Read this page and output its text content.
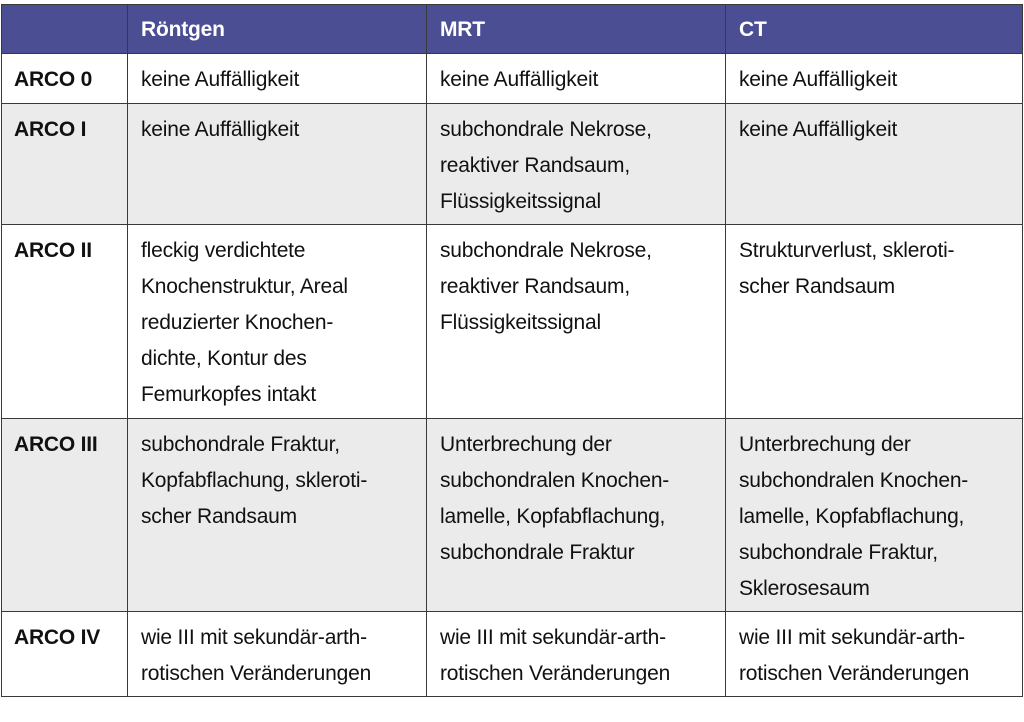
	Röntgen	MRT	CT
ARCO 0	keine Auffälligkeit	keine Auffälligkeit	keine Auffälligkeit

ARCO I	keine Auffälligkeit	subchondrale Nekrose,
reaktiver Randsaum,
Flüssigkeitssignal	keine Auffälligkeit

ARCO II	fleckig verdichtete
Knochenstruktur, Areal
reduzierter Knochen-
dichte, Kontur des
Femurkopfes intakt	subchondrale Nekrose,
reaktiver Randsaum,
Flüssigkeitssignal	Strukturverlust, skleroti-
scher Randsaum

ARCO III	subchondrale Fraktur,
Kopfabflachung, skleroti-
scher Randsaum	Unterbrechung der
subchondralen Knochen-
lamelle, Kopfabflachung,
subchondrale Fraktur	Unterbrechung der
subchondralen Knochen-
lamelle, Kopfabflachung,
subchondrale Fraktur,
Sklerosesaum

ARCO IV	wie III mit sekundär-arth-
rotischen Veränderungen	wie III mit sekundär-arth-
rotischen Veränderungen	wie III mit sekundär-arth-
rotischen Veränderungen
